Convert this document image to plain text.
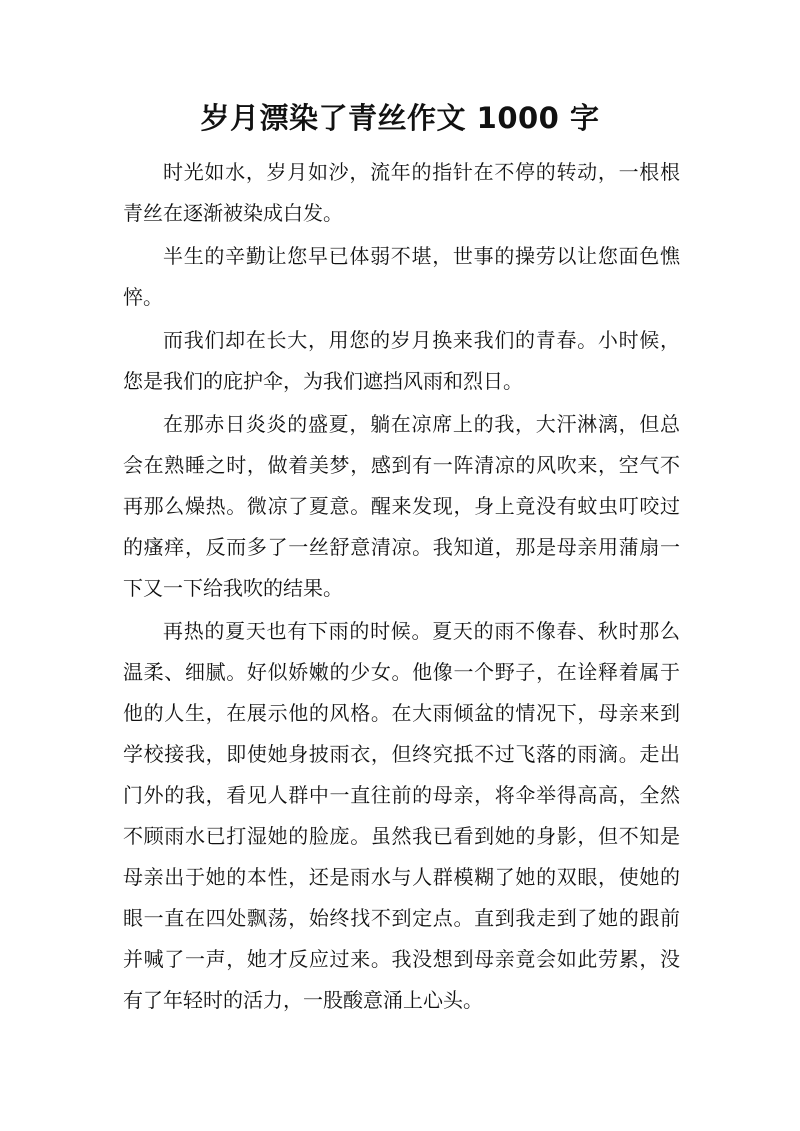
岁月漂染了青丝作文 1000 字

时光如水，岁月如沙，流年的指针在不停的转动，一根根青丝在逐渐被染成白发。

半生的辛勤让您早已体弱不堪，世事的操劳以让您面色憔悴。

而我们却在长大，用您的岁月换来我们的青春。小时候，您是我们的庇护伞，为我们遮挡风雨和烈日。

在那赤日炎炎的盛夏，躺在凉席上的我，大汗淋漓，但总会在熟睡之时，做着美梦，感到有一阵清凉的风吹来，空气不再那么燥热。微凉了夏意。醒来发现，身上竟没有蚊虫叮咬过的瘙痒，反而多了一丝舒意清凉。我知道，那是母亲用蒲扇一下又一下给我吹的结果。

再热的夏天也有下雨的时候。夏天的雨不像春、秋时那么温柔、细腻。好似娇嫩的少女。他像一个野子，在诠释着属于他的人生，在展示他的风格。在大雨倾盆的情况下，母亲来到学校接我，即使她身披雨衣，但终究抵不过飞落的雨滴。走出门外的我，看见人群中一直往前的母亲，将伞举得高高，全然不顾雨水已打湿她的脸庞。虽然我已看到她的身影，但不知是母亲出于她的本性，还是雨水与人群模糊了她的双眼，使她的眼一直在四处飘荡，始终找不到定点。直到我走到了她的跟前并喊了一声，她才反应过来。我没想到母亲竟会如此劳累，没有了年轻时的活力，一股酸意涌上心头。
